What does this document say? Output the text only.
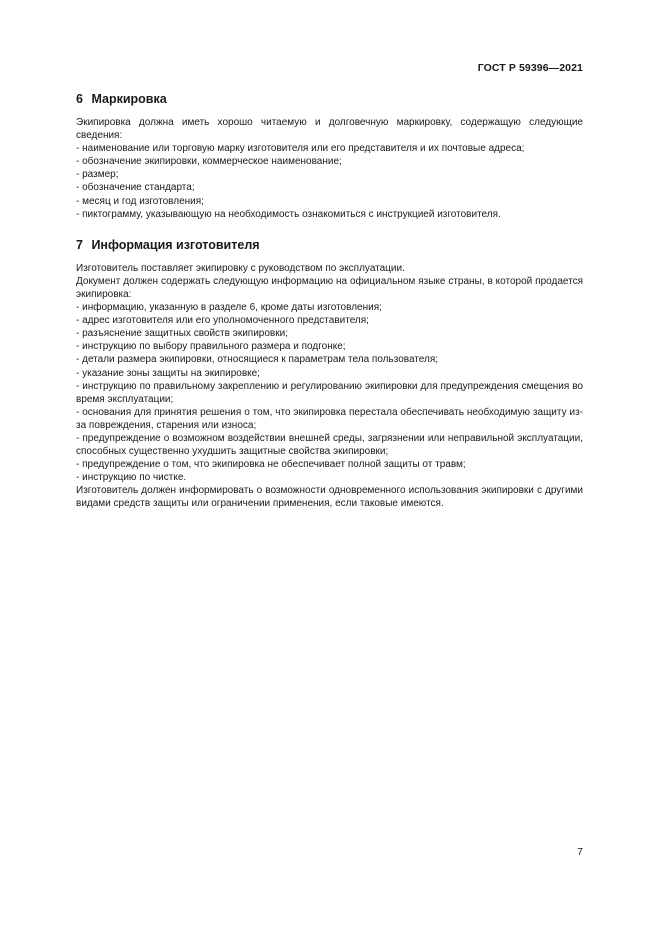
ГОСТ Р 59396—2021
6 Маркировка

Экипировка должна иметь хорошо читаемую и долговечную маркировку, содержащую следующие сведения:

- наименование или торговую марку изготовителя или его представителя и их почтовые адреса;

- обозначение экипировки, коммерческое наименование;

- размер;

- обозначение стандарта;

- месяц и год изготовления;

- пиктограмму, указывающую на необходимость ознакомиться с инструкцией изготовителя.

7 Информация изготовителя

Изготовитель поставляет экипировку с руководством по эксплуатации.

Документ должен содержать следующую информацию на официальном языке страны, в которой продается экипировка:

- информацию, указанную в разделе 6, кроме даты изготовления;

- адрес изготовителя или его уполномоченного представителя;

- разъяснение защитных свойств экипировки;

- инструкцию по выбору правильного размера и подгонке;

- детали размера экипировки, относящиеся к параметрам тела пользователя;

- указание зоны защиты на экипировке;

- инструкцию по правильному закреплению и регулированию экипировки для предупреждения смещения во время эксплуатации;

- основания для принятия решения о том, что экипировка перестала обеспечивать необходимую защиту из-за повреждения, старения или износа;

- предупреждение о возможном воздействии внешней среды, загрязнении или неправильной эксплуатации, способных существенно ухудшить защитные свойства экипировки;

- предупреждение о том, что экипировка не обеспечивает полной защиты от травм;

- инструкцию по чистке.

Изготовитель должен информировать о возможности одновременного использования экипировки с другими видами средств защиты или ограничении применения, если таковые имеются.

7
